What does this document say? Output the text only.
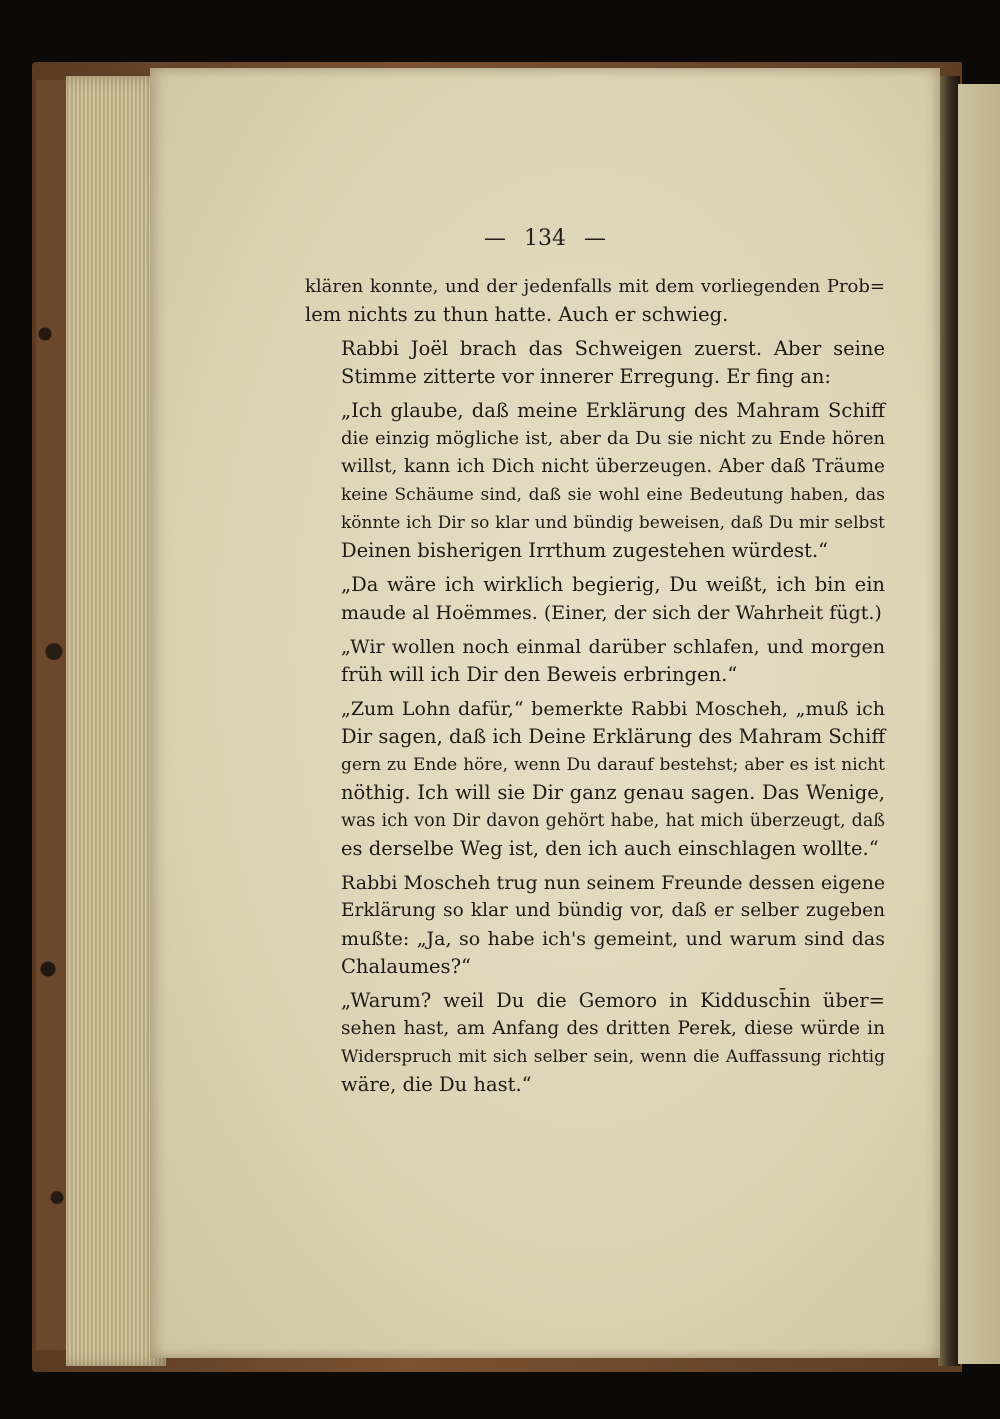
— 134 —

klären konnte, und der jedenfalls mit dem vorliegenden Prob=
lem nichts zu thun hatte. Auch er schwieg.

Rabbi Joël brach das Schweigen zuerst. Aber seine
Stimme zitterte vor innerer Erregung. Er fing an:

„Ich glaube, daß meine Erklärung des Mahram Schiff
die einzig mögliche ist, aber da Du sie nicht zu Ende hören
willst, kann ich Dich nicht überzeugen. Aber daß Träume
keine Schäume sind, daß sie wohl eine Bedeutung haben, das
könnte ich Dir so klar und bündig beweisen, daß Du mir selbst
Deinen bisherigen Irrthum zugestehen würdest.“

„Da wäre ich wirklich begierig, Du weißt, ich bin ein
maude al Hoëmmes. (Einer, der sich der Wahrheit fügt.)

„Wir wollen noch einmal darüber schlafen, und morgen
früh will ich Dir den Beweis erbringen.“

„Zum Lohn dafür,“ bemerkte Rabbi Moscheh, „muß ich
Dir sagen, daß ich Deine Erklärung des Mahram Schiff
gern zu Ende höre, wenn Du darauf bestehst; aber es ist nicht
nöthig. Ich will sie Dir ganz genau sagen. Das Wenige,
was ich von Dir davon gehört habe, hat mich überzeugt, daß
es derselbe Weg ist, den ich auch einschlagen wollte.“

Rabbi Moscheh trug nun seinem Freunde dessen eigene
Erklärung so klar und bündig vor, daß er selber zugeben
mußte: „Ja, so habe ich's gemeint, und warum sind das
Chalaumes?“

„Warum? weil Du die Gemoro in Kiddusch̄in über=
sehen hast, am Anfang des dritten Perek, diese würde in
Widerspruch mit sich selber sein, wenn die Auffassung richtig
wäre, die Du hast.“
